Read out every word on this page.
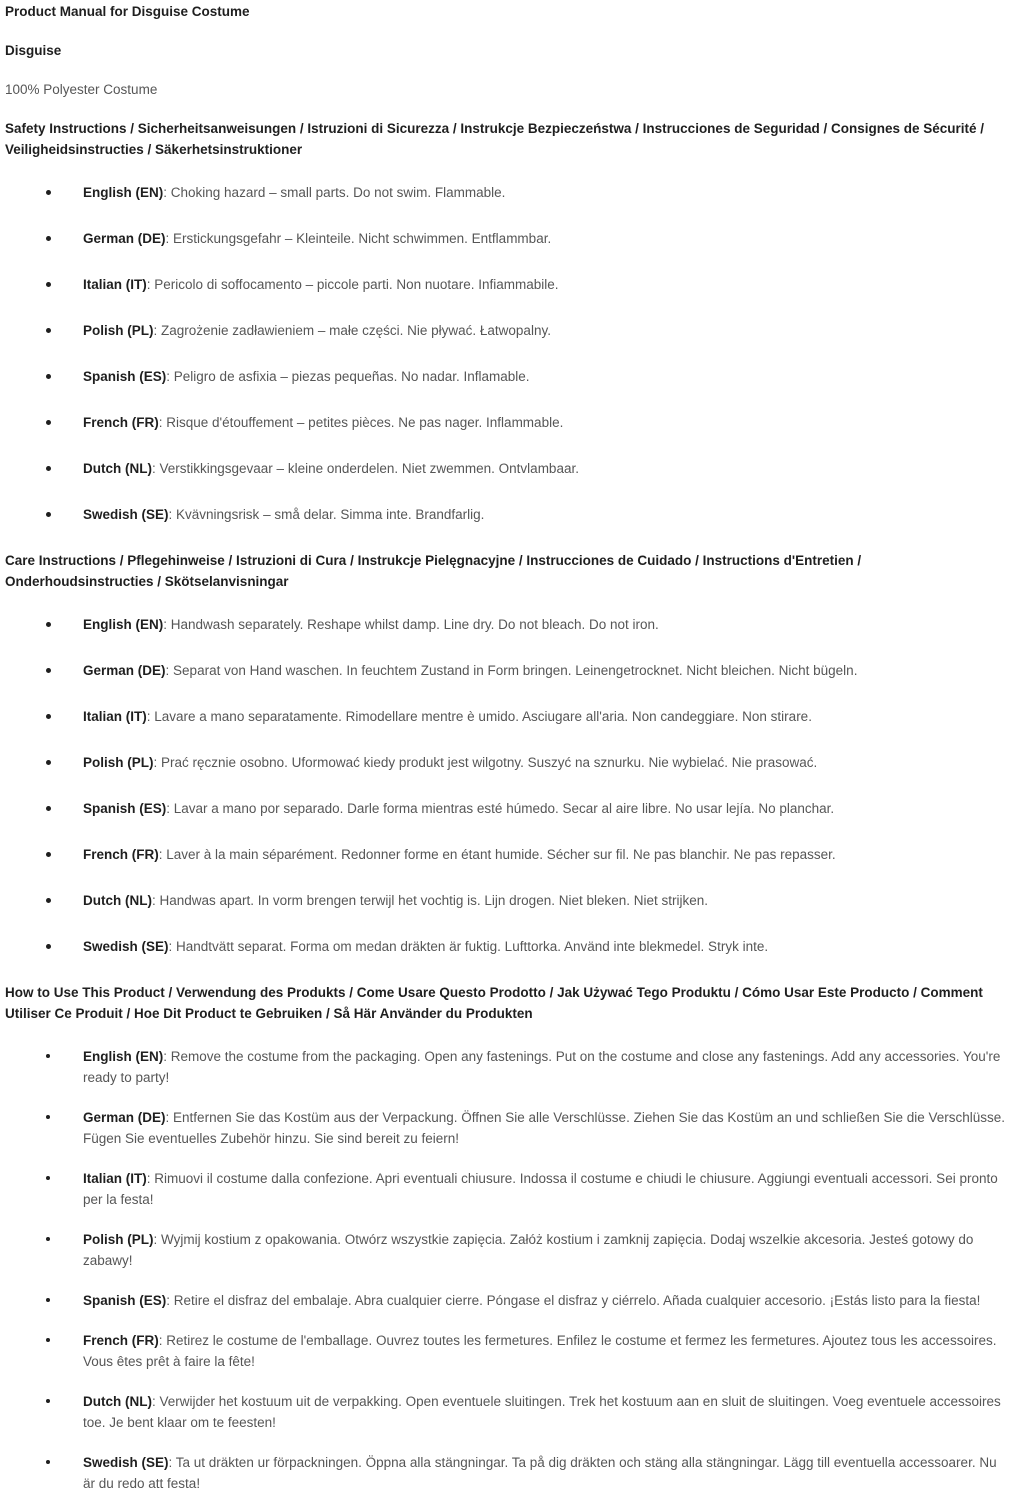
Product Manual for Disguise Costume

Disguise

100% Polyester Costume

Safety Instructions / Sicherheitsanweisungen / Istruzioni di Sicurezza / Instrukcje Bezpieczeństwa / Instrucciones de Seguridad / Consignes de Sécurité / Veiligheidsinstructies / Säkerhetsinstruktioner
English (EN): Choking hazard – small parts. Do not swim. Flammable.
German (DE): Erstickungsgefahr – Kleinteile. Nicht schwimmen. Entflammbar.
Italian (IT): Pericolo di soffocamento – piccole parti. Non nuotare. Infiammabile.
Polish (PL): Zagrożenie zadławieniem – małe części. Nie pływać. Łatwopalny.
Spanish (ES): Peligro de asfixia – piezas pequeñas. No nadar. Inflamable.
French (FR): Risque d'étouffement – petites pièces. Ne pas nager. Inflammable.
Dutch (NL): Verstikkingsgevaar – kleine onderdelen. Niet zwemmen. Ontvlambaar.
Swedish (SE): Kvävningsrisk – små delar. Simma inte. Brandfarlig.
Care Instructions / Pflegehinweise / Istruzioni di Cura / Instrukcje Pielęgnacyjne / Instrucciones de Cuidado / Instructions d'Entretien / Onderhoudsinstructies / Skötselanvisningar
English (EN): Handwash separately. Reshape whilst damp. Line dry. Do not bleach. Do not iron.
German (DE): Separat von Hand waschen. In feuchtem Zustand in Form bringen. Leinengetrocknet. Nicht bleichen. Nicht bügeln.
Italian (IT): Lavare a mano separatamente. Rimodellare mentre è umido. Asciugare all'aria. Non candeggiare. Non stirare.
Polish (PL): Prać ręcznie osobno. Uformować kiedy produkt jest wilgotny. Suszyć na sznurku. Nie wybielać. Nie prasować.
Spanish (ES): Lavar a mano por separado. Darle forma mientras esté húmedo. Secar al aire libre. No usar lejía. No planchar.
French (FR): Laver à la main séparément. Redonner forme en étant humide. Sécher sur fil. Ne pas blanchir. Ne pas repasser.
Dutch (NL): Handwas apart. In vorm brengen terwijl het vochtig is. Lijn drogen. Niet bleken. Niet strijken.
Swedish (SE): Handtvätt separat. Forma om medan dräkten är fuktig. Lufttorka. Använd inte blekmedel. Stryk inte.
How to Use This Product / Verwendung des Produkts / Come Usare Questo Prodotto / Jak Używać Tego Produktu / Cómo Usar Este Producto / Comment Utiliser Ce Produit / Hoe Dit Product te Gebruiken / Så Här Använder du Produkten
English (EN): Remove the costume from the packaging. Open any fastenings. Put on the costume and close any fastenings. Add any accessories. You're ready to party!
German (DE): Entfernen Sie das Kostüm aus der Verpackung. Öffnen Sie alle Verschlüsse. Ziehen Sie das Kostüm an und schließen Sie die Verschlüsse. Fügen Sie eventuelles Zubehör hinzu. Sie sind bereit zu feiern!
Italian (IT): Rimuovi il costume dalla confezione. Apri eventuali chiusure. Indossa il costume e chiudi le chiusure. Aggiungi eventuali accessori. Sei pronto per la festa!
Polish (PL): Wyjmij kostium z opakowania. Otwórz wszystkie zapięcia. Załóż kostium i zamknij zapięcia. Dodaj wszelkie akcesoria. Jesteś gotowy do zabawy!
Spanish (ES): Retire el disfraz del embalaje. Abra cualquier cierre. Póngase el disfraz y ciérrelo. Añada cualquier accesorio. ¡Estás listo para la fiesta!
French (FR): Retirez le costume de l'emballage. Ouvrez toutes les fermetures. Enfilez le costume et fermez les fermetures. Ajoutez tous les accessoires. Vous êtes prêt à faire la fête!
Dutch (NL): Verwijder het kostuum uit de verpakking. Open eventuele sluitingen. Trek het kostuum aan en sluit de sluitingen. Voeg eventuele accessoires toe. Je bent klaar om te feesten!
Swedish (SE): Ta ut dräkten ur förpackningen. Öppna alla stängningar. Ta på dig dräkten och stäng alla stängningar. Lägg till eventuella accessoarer. Nu är du redo att festa!
